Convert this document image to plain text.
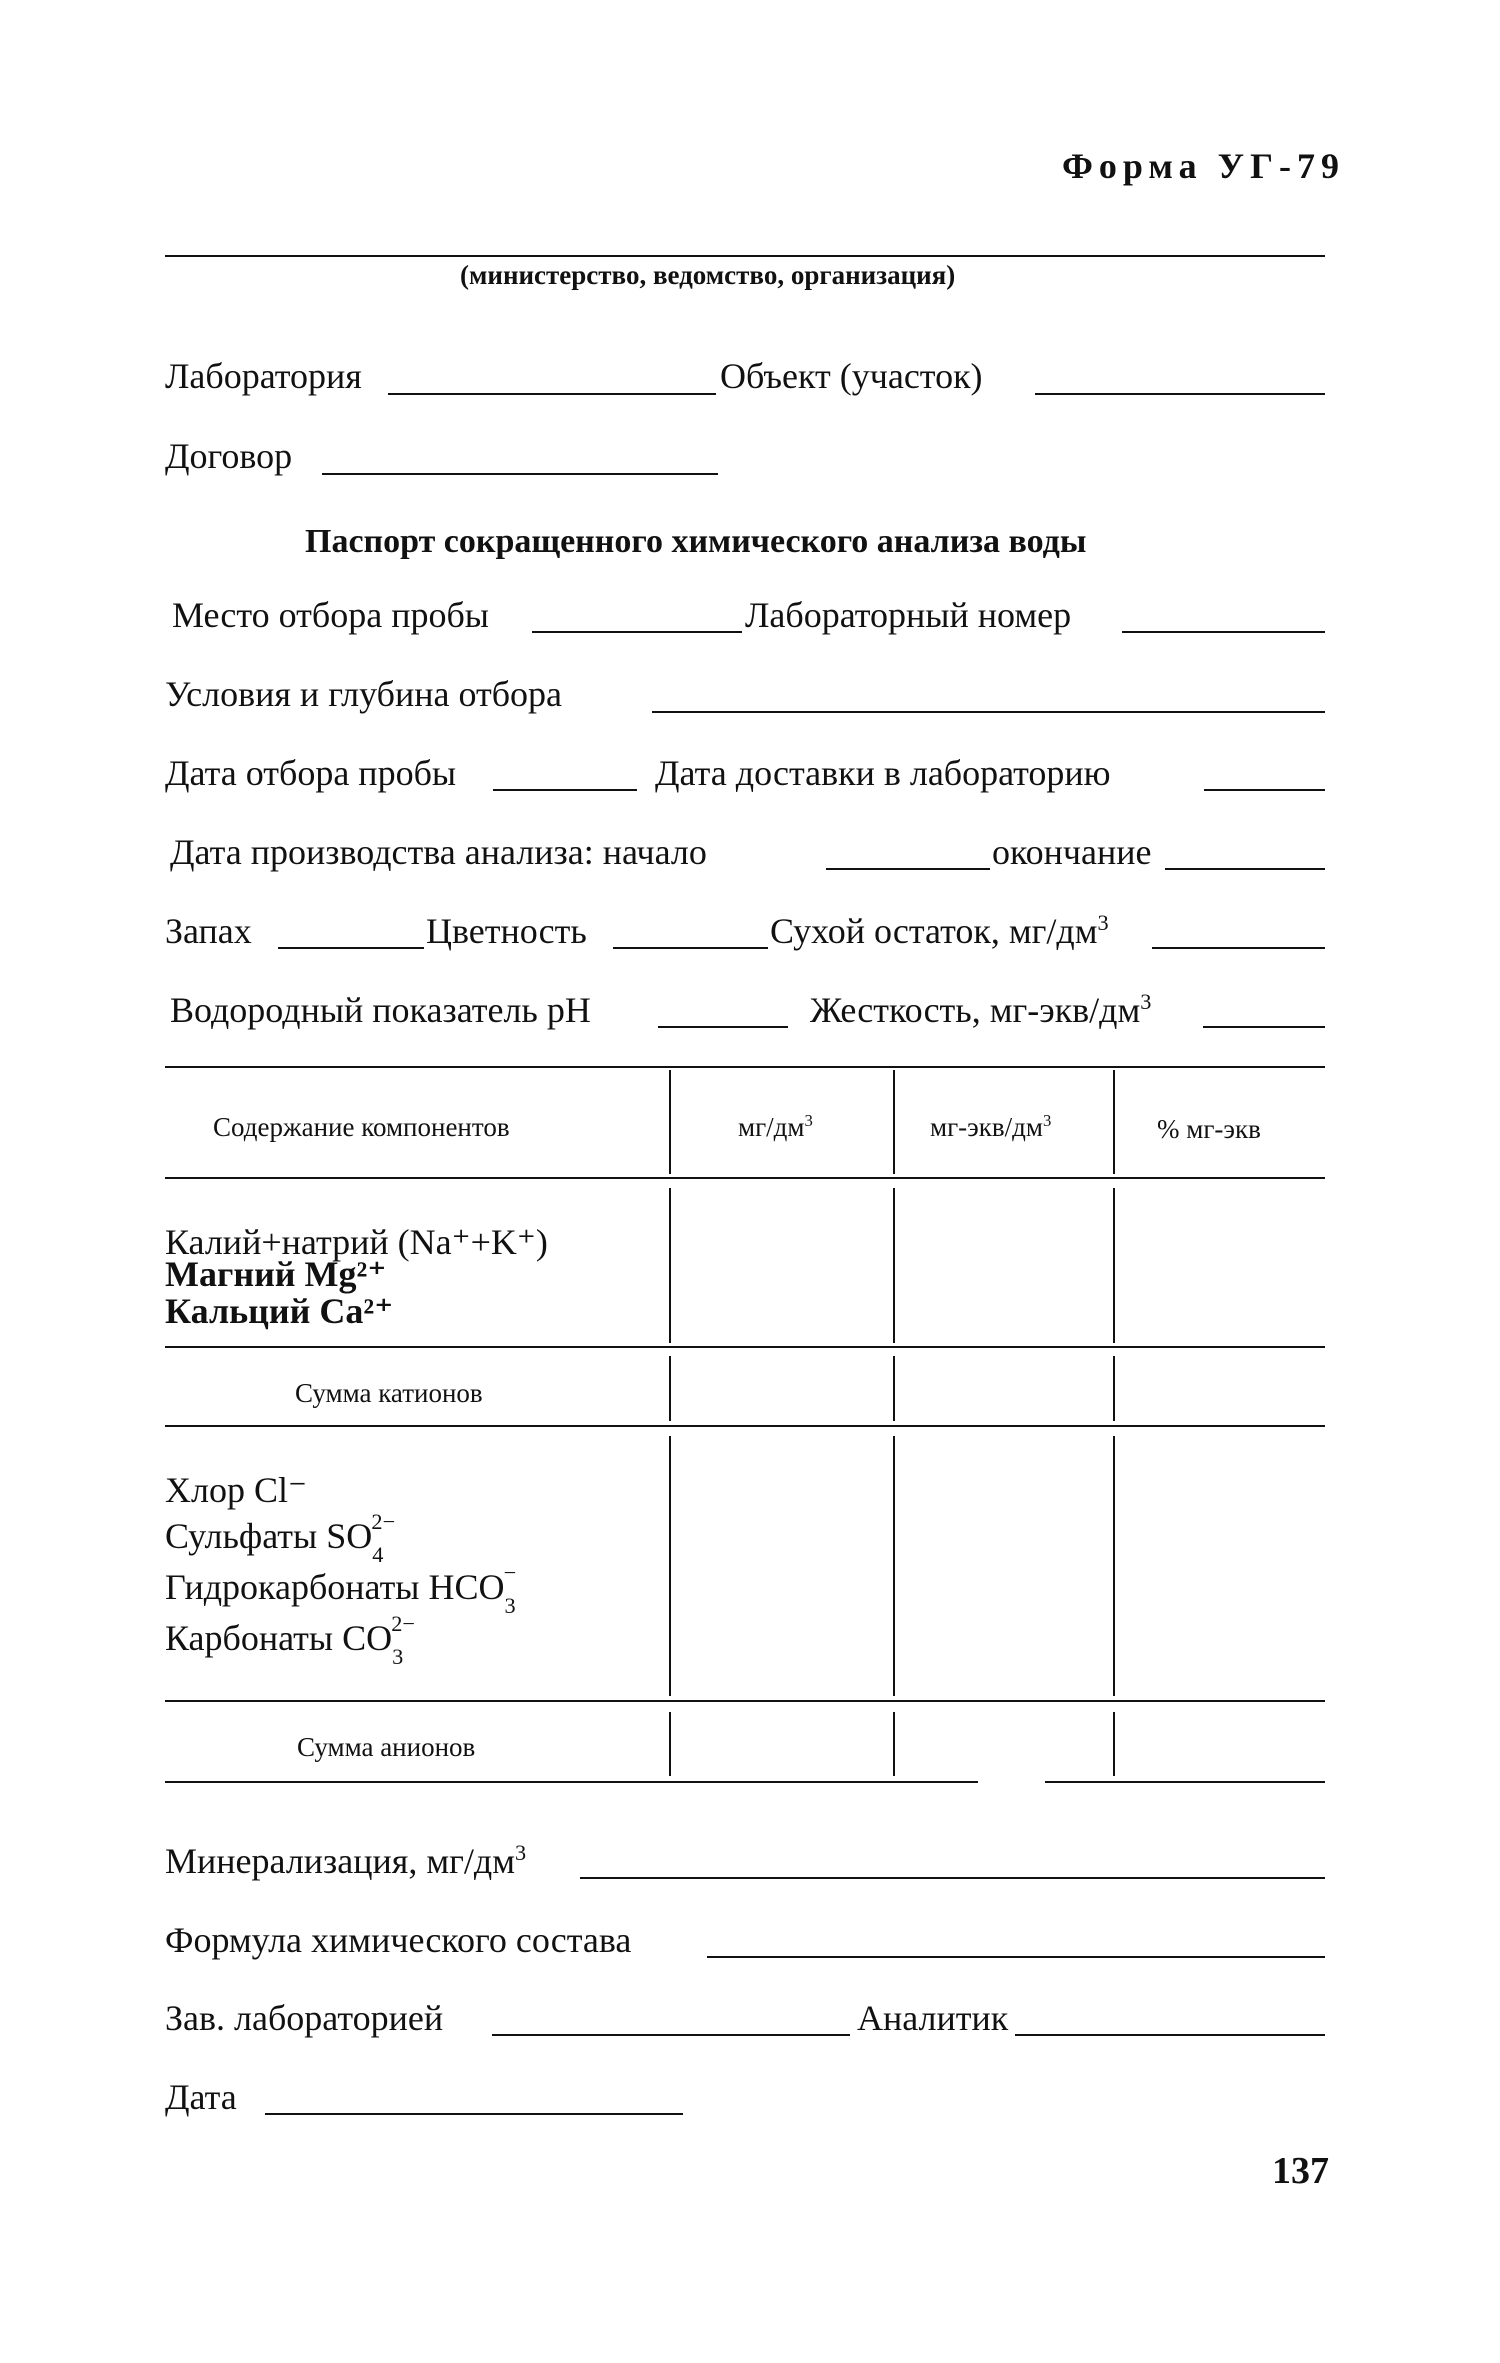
Форма УГ-79
(министерство, ведомство, организация)
Лаборатория	Объект (участок)
Договор
Паспорт сокращенного химического анализа воды
Место отбора пробы	Лабораторный номер
Условия и глубина отбора
Дата отбора пробы	Дата доставки в лабораторию
Дата производства анализа: начало	окончание
Запах	Цветность	Сухой остаток, $мг/дм^3$
Водородный показатель pH	Жесткость, $мг-экв/дм^3$
Содержание компонентов	$мг/дм^3$	$мг-экв/дм^3$	% мг-экв
Калий+натрий (Na⁺+K⁺)
Магний Mg²⁺
Кальций Ca²⁺
Сумма катионов
Хлор Cl⁻
Сульфаты $SO_4^{2-}$
Гидрокарбонаты $HCO_3^-$
Карбонаты $CO_3^{2-}$
Сумма анионов
Минерализация, $мг/дм^3$
Формула химического состава
Зав. лабораторией	Аналитик
Дата
137
